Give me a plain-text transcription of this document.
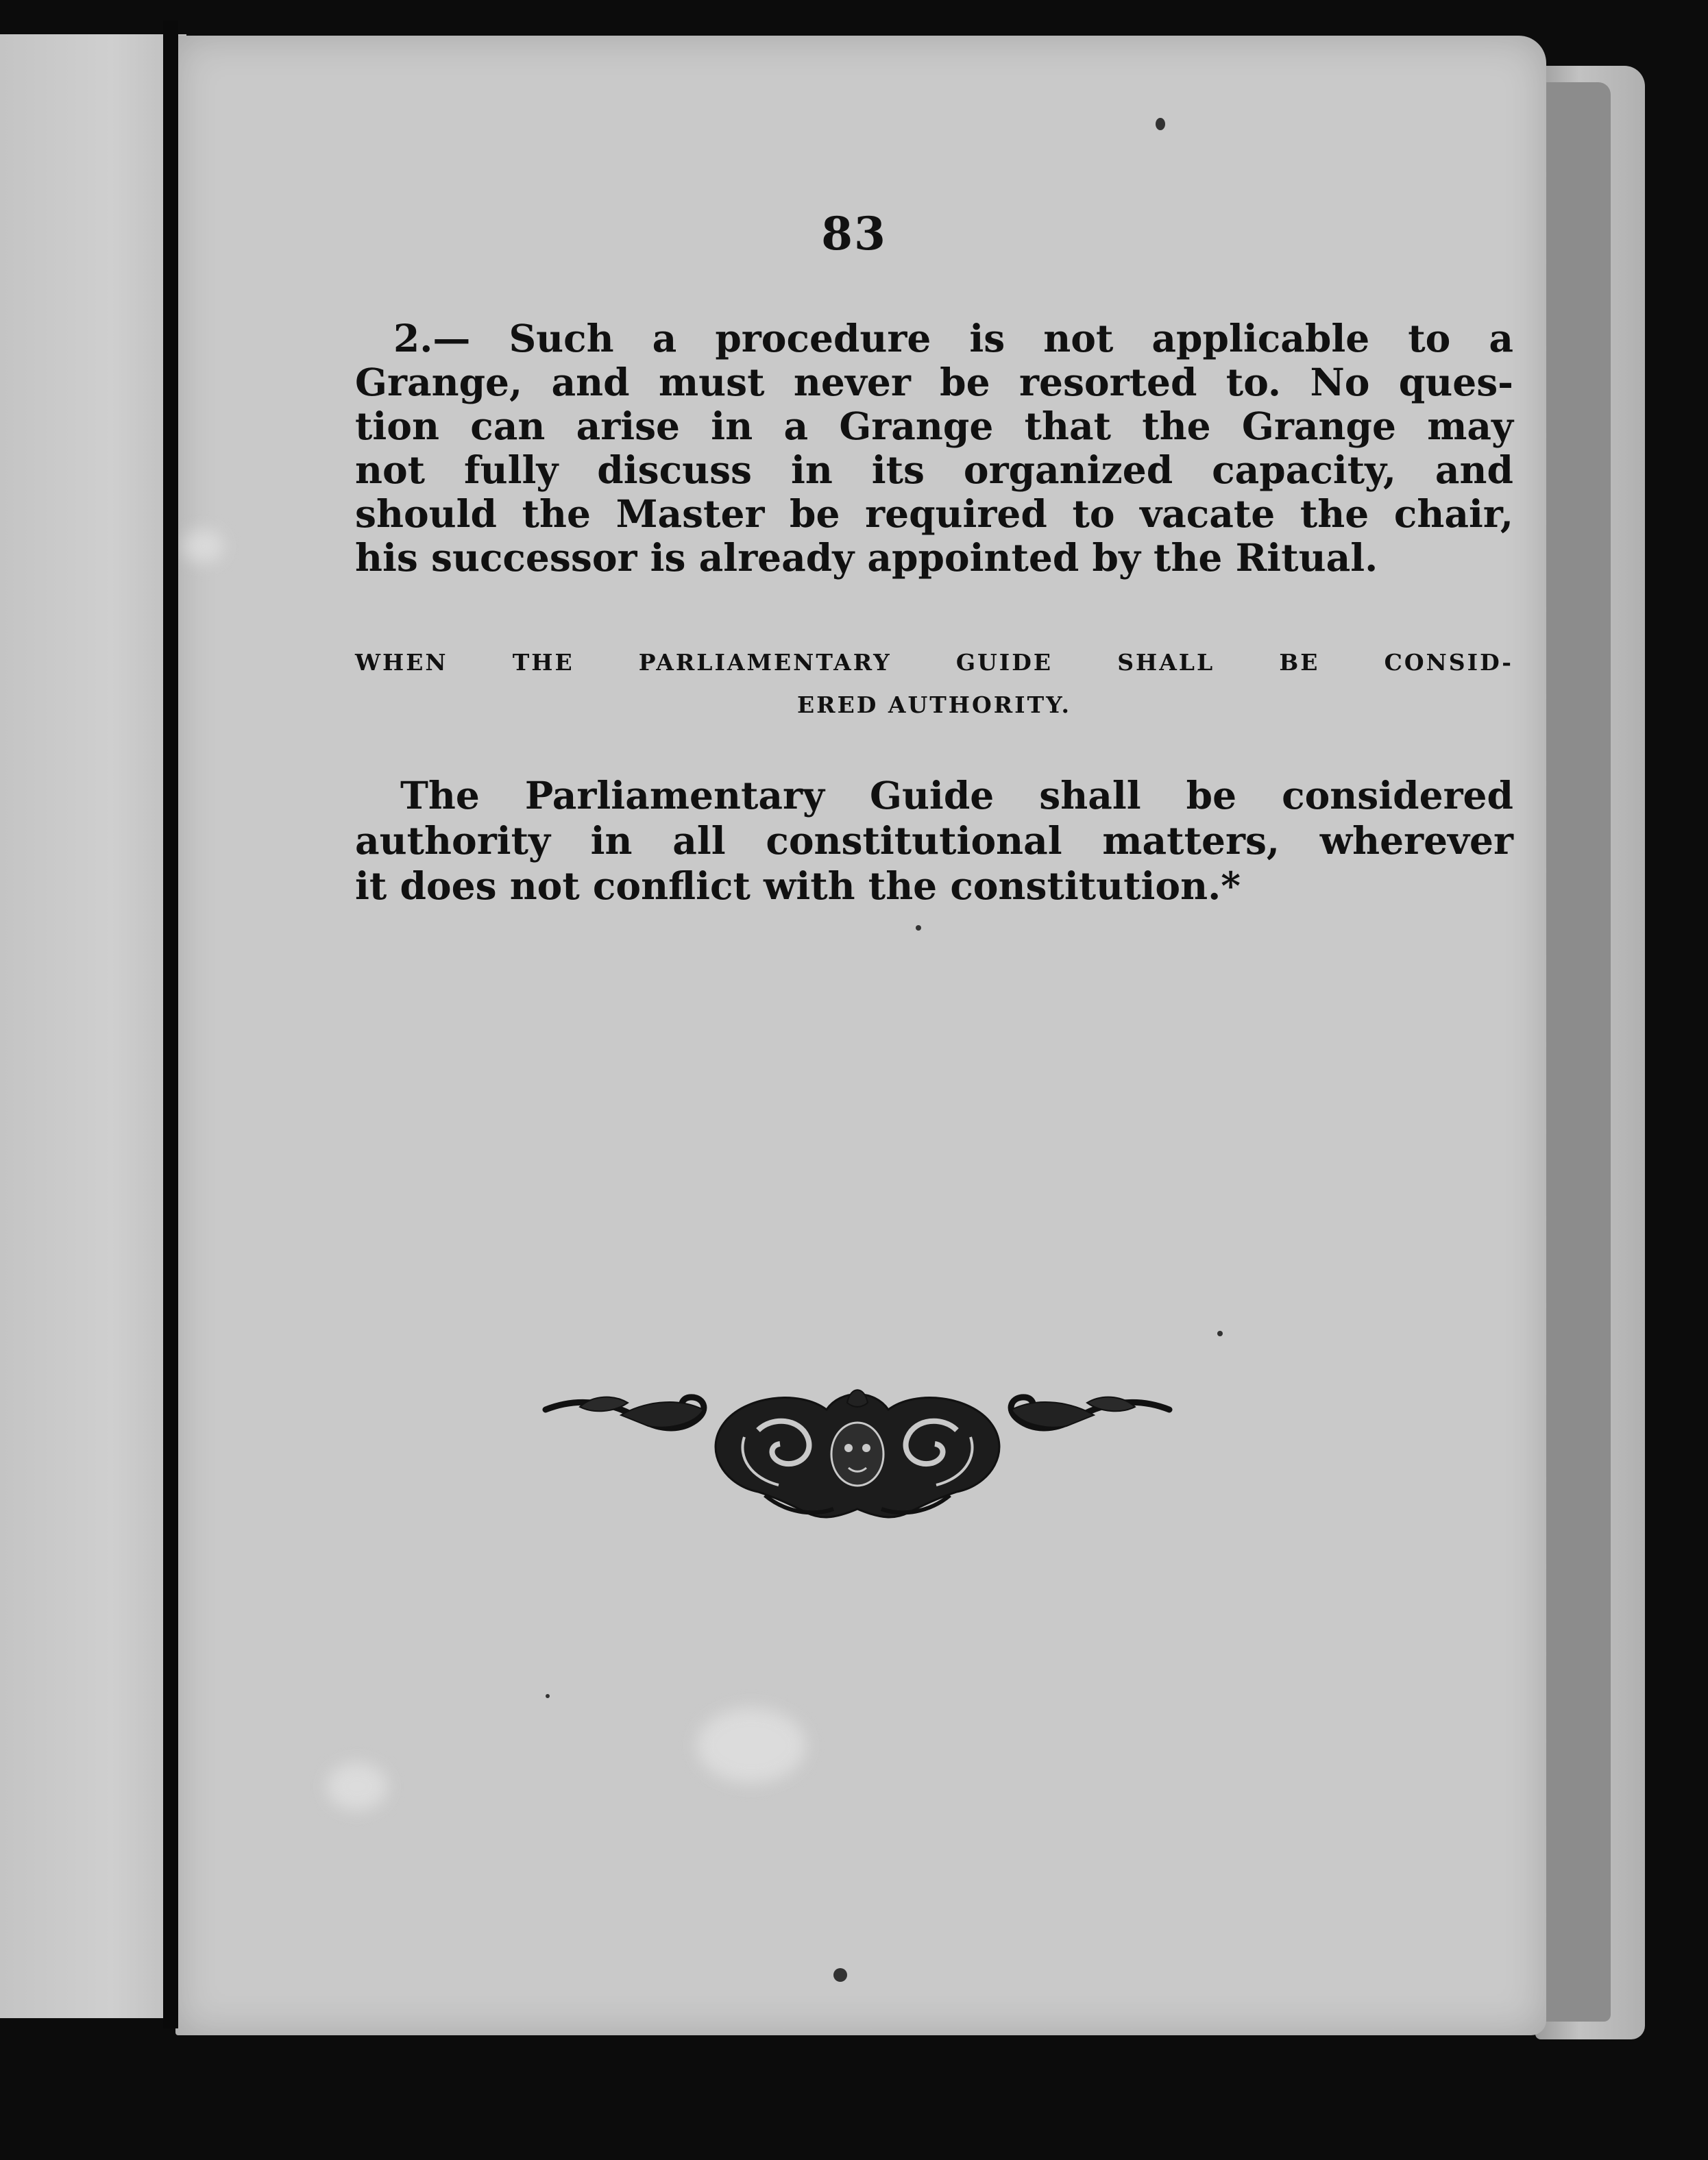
83
2.— Such a procedure is not applicable to a
Grange, and must never be resorted to. No ques-
tion can arise in a Grange that the Grange may
not fully discuss in its organized capacity, and
should the Master be required to vacate the chair,
his successor is already appointed by the Ritual.
WHEN THE PARLIAMENTARY GUIDE SHALL BE CONSID-
ERED AUTHORITY.
The Parliamentary Guide shall be considered
authority in all constitutional matters, wherever
it does not conflict with the constitution.*
